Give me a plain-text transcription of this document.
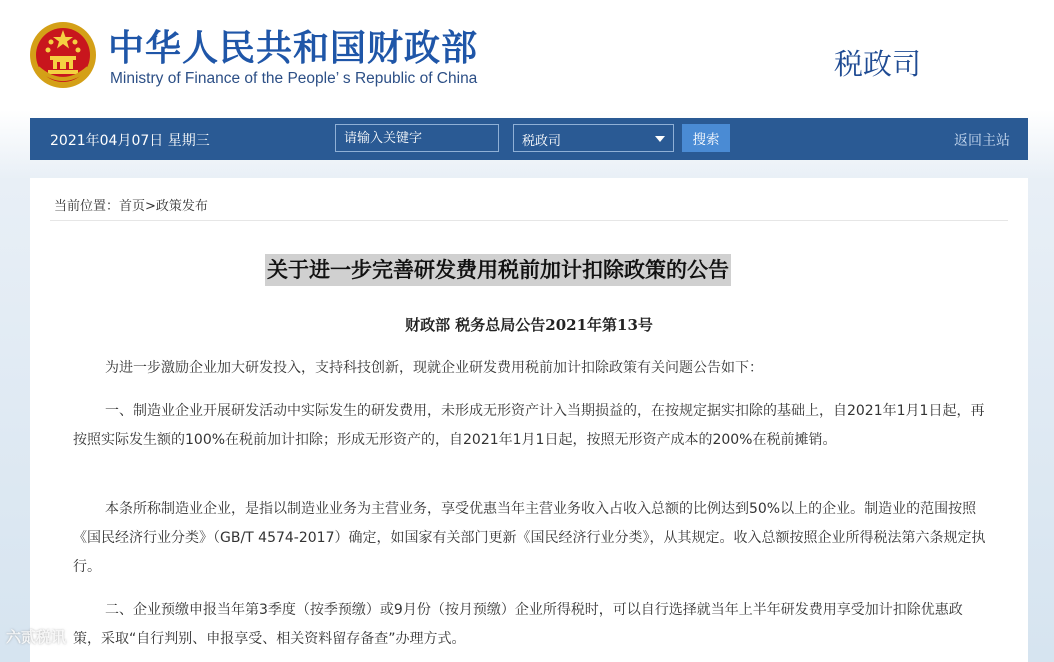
中华人民共和国财政部
Ministry of Finance of the People’ s Republic of China	税政司
2021年04月07日 星期三
请输入关键字	税政司	搜索	返回主站
当前位置：首页>政策发布
关于进一步完善研发费用税前加计扣除政策的公告
财政部 税务总局公告2021年第13号

为进一步激励企业加大研发投入，支持科技创新，现就企业研发费用税前加计扣除政策有关问题公告如下：

一、制造业企业开展研发活动中实际发生的研发费用，未形成无形资产计入当期损益的，在按规定据实扣除的基础上，自2021年1月1日起，再按照实际发生额的100%在税前加计扣除；形成无形资产的，自2021年1月1日起，按照无形资产成本的200%在税前摊销。

本条所称制造业企业，是指以制造业业务为主营业务，享受优惠当年主营业务收入占收入总额的比例达到50%以上的企业。制造业的范围按照《国民经济行业分类》（GB/T 4574-2017）确定，如国家有关部门更新《国民经济行业分类》，从其规定。收入总额按照企业所得税法第六条规定执行。

二、企业预缴申报当年第3季度（按季预缴）或9月份（按月预缴）企业所得税时，可以自行选择就当年上半年研发费用享受加计扣除优惠政策，采取“自行判别、申报享受、相关资料留存备查”办理方式。

六贰税讯
